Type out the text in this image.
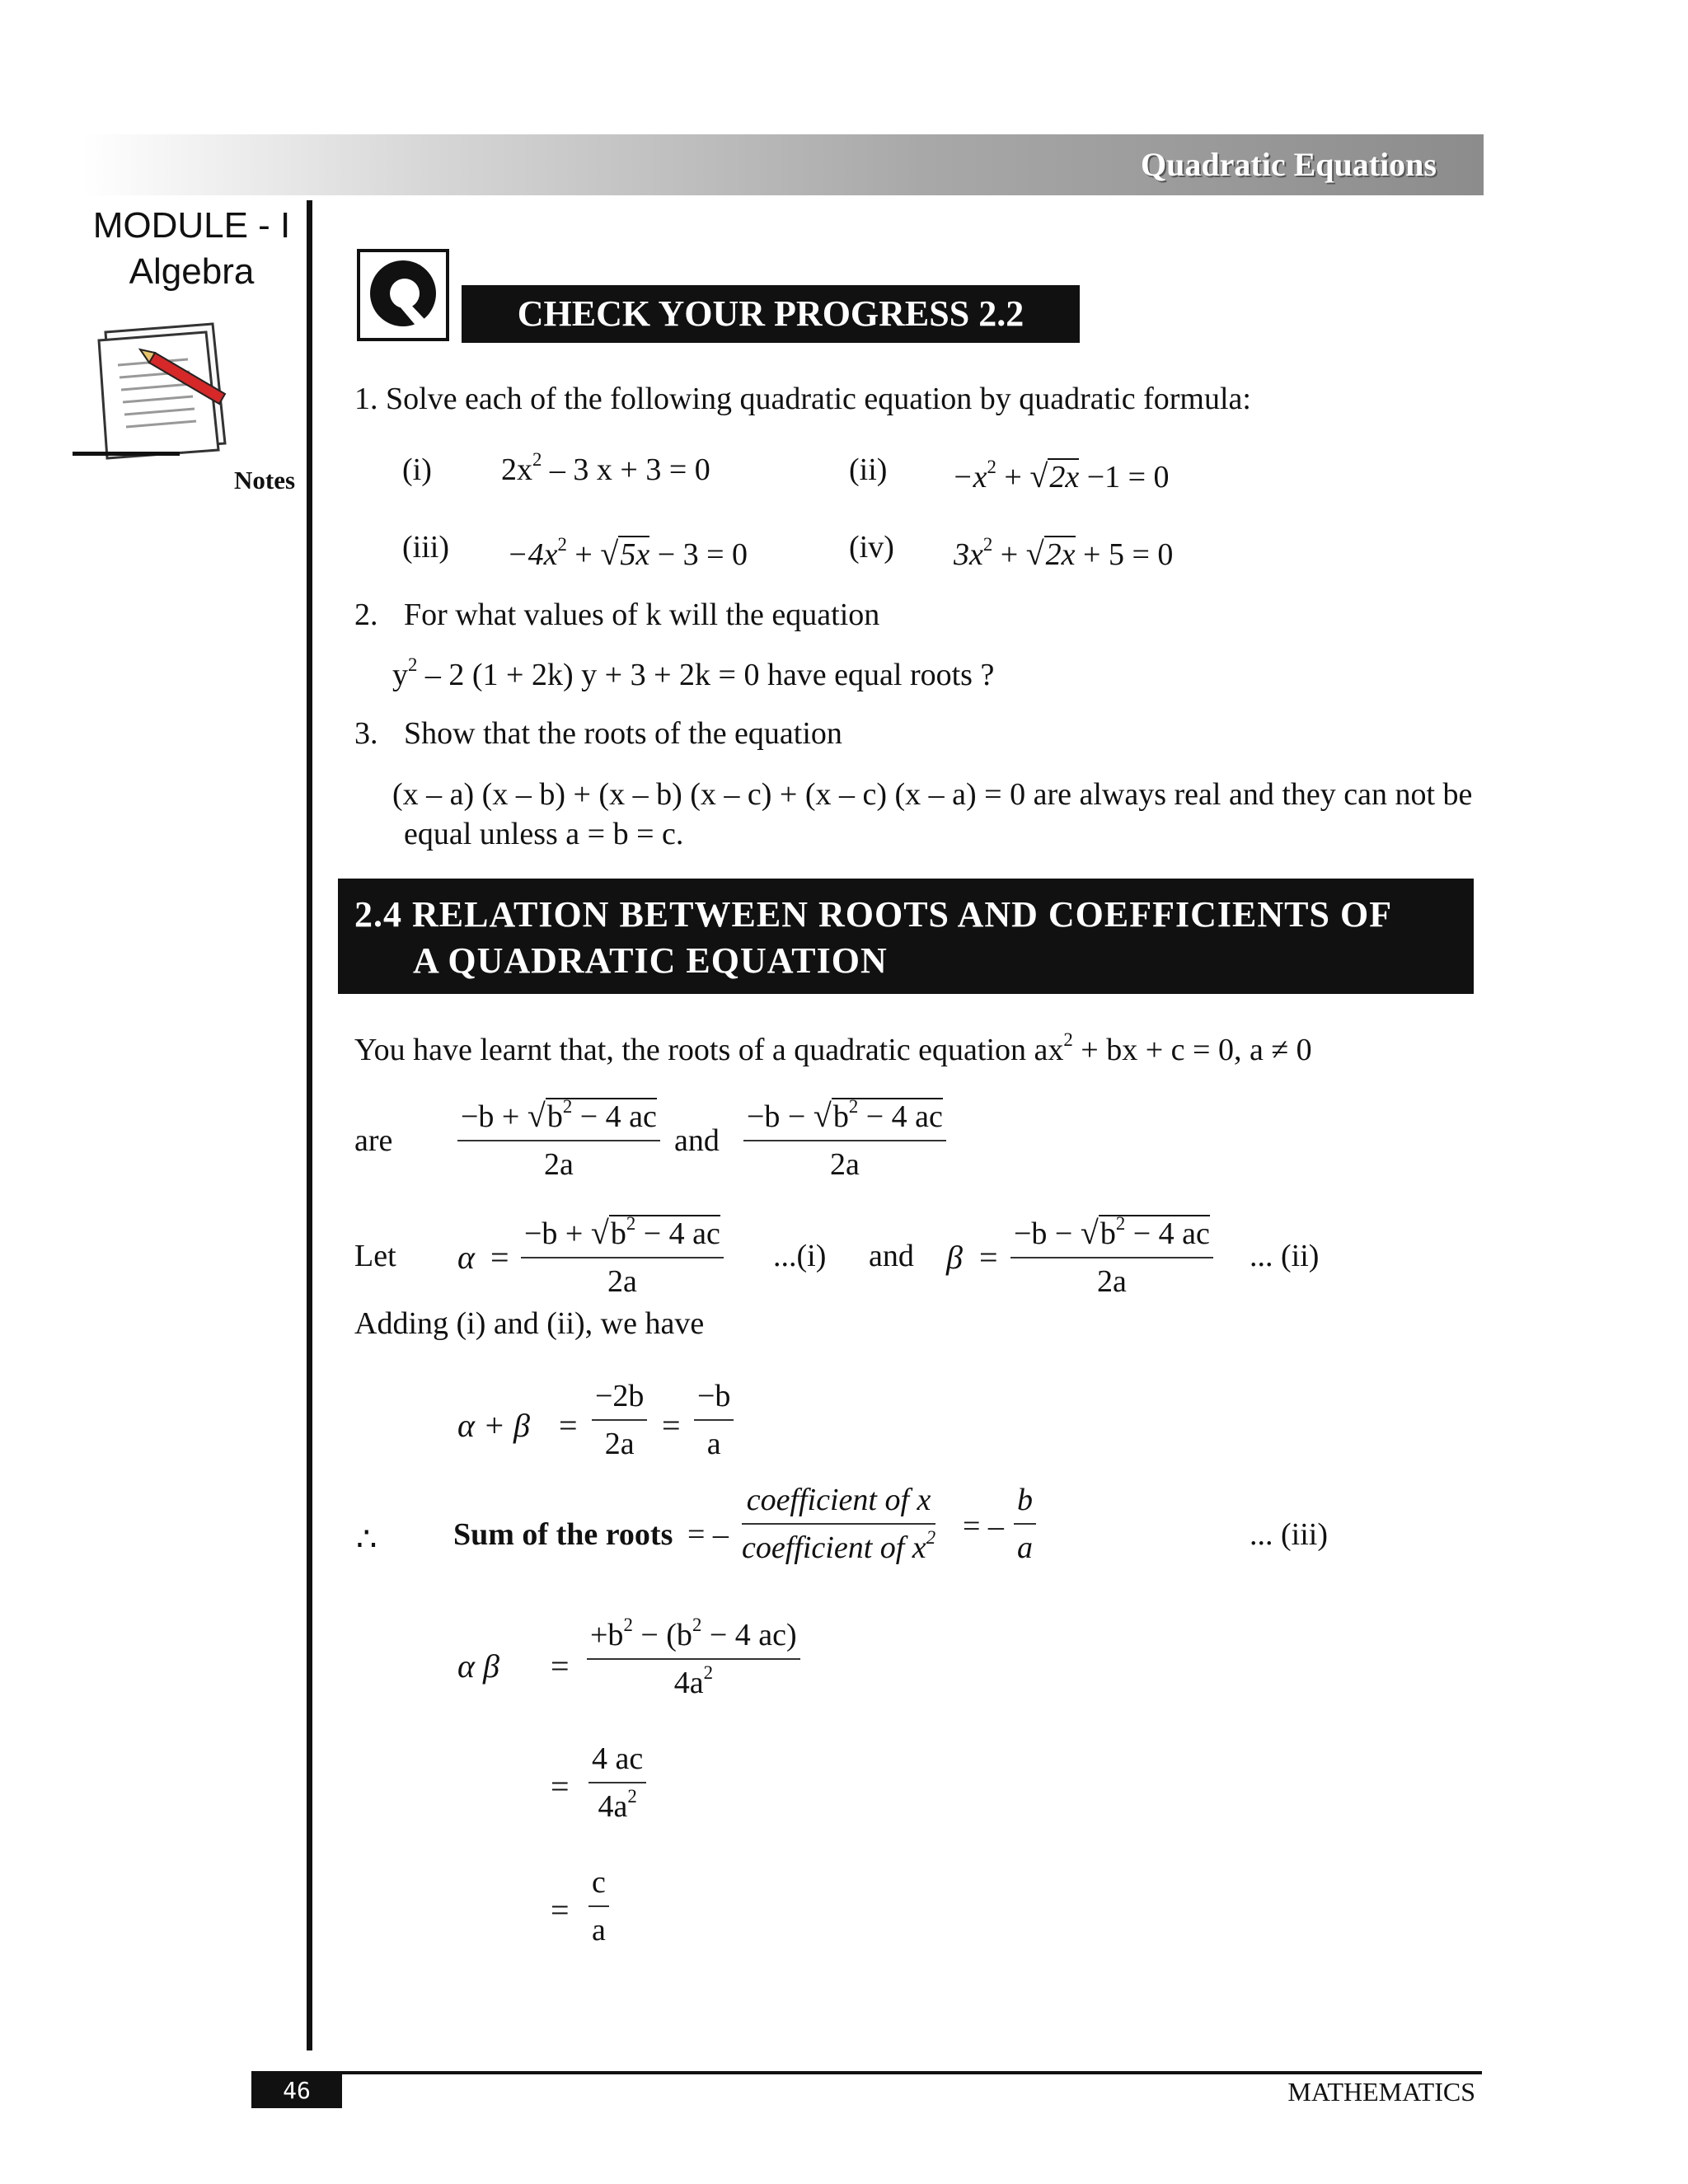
Quadratic Equations
MODULE - I
Algebra
Notes
CHECK YOUR PROGRESS 2.2
1. Solve each of the following quadratic equation by quadratic formula:
(i) $2x^2 - 3$ x + 3 = 0	$(ii) -x^2 + √2x -1 = 0$
$(iii) -4x^2 + √5x - 3 = 0$	(iv) $3x^2 + √2x + 5 = 0$
2. For what values of k will the equation
$y^2 - 2$ (1 + 2k) y + 3 + 2k = 0 have equal roots ?
3. Show that the roots of the equation
(x – a) (x – b) + (x – b) (x – c) + (x – c) (x – a) = 0 are always real and they can not be
equal unless a = b = c.
2.4 RELATION BETWEEN ROOTS AND COEFFICIENTS OF
A QUADRATIC EQUATION
You have learnt that, the roots of a quadratic equation $ax^2$ + bx + c = 0, a ≠ 0
are
$-b + √b^2 - 4$ ac
2a
and
$-b - √b^2 - 4$ ac
2a
Let α =
$-b + √b^2 - 4$ ac
2a
...(i) and β =
$-b - √b^2 - 4$ ac
2a
... (ii)
Adding (i) and (ii), we have
α + β =
−2b
2a =
−b
a
∴ Sum of the roots = –
coefficient of x
coefficient of $x^2$ = –
b
a	... (iii)
α β =
$+b^2 - (b^2 - 4$ ac)
$4a^2$
=
4 ac
$4a^2$
=
c
a
46	MATHEMATICS
